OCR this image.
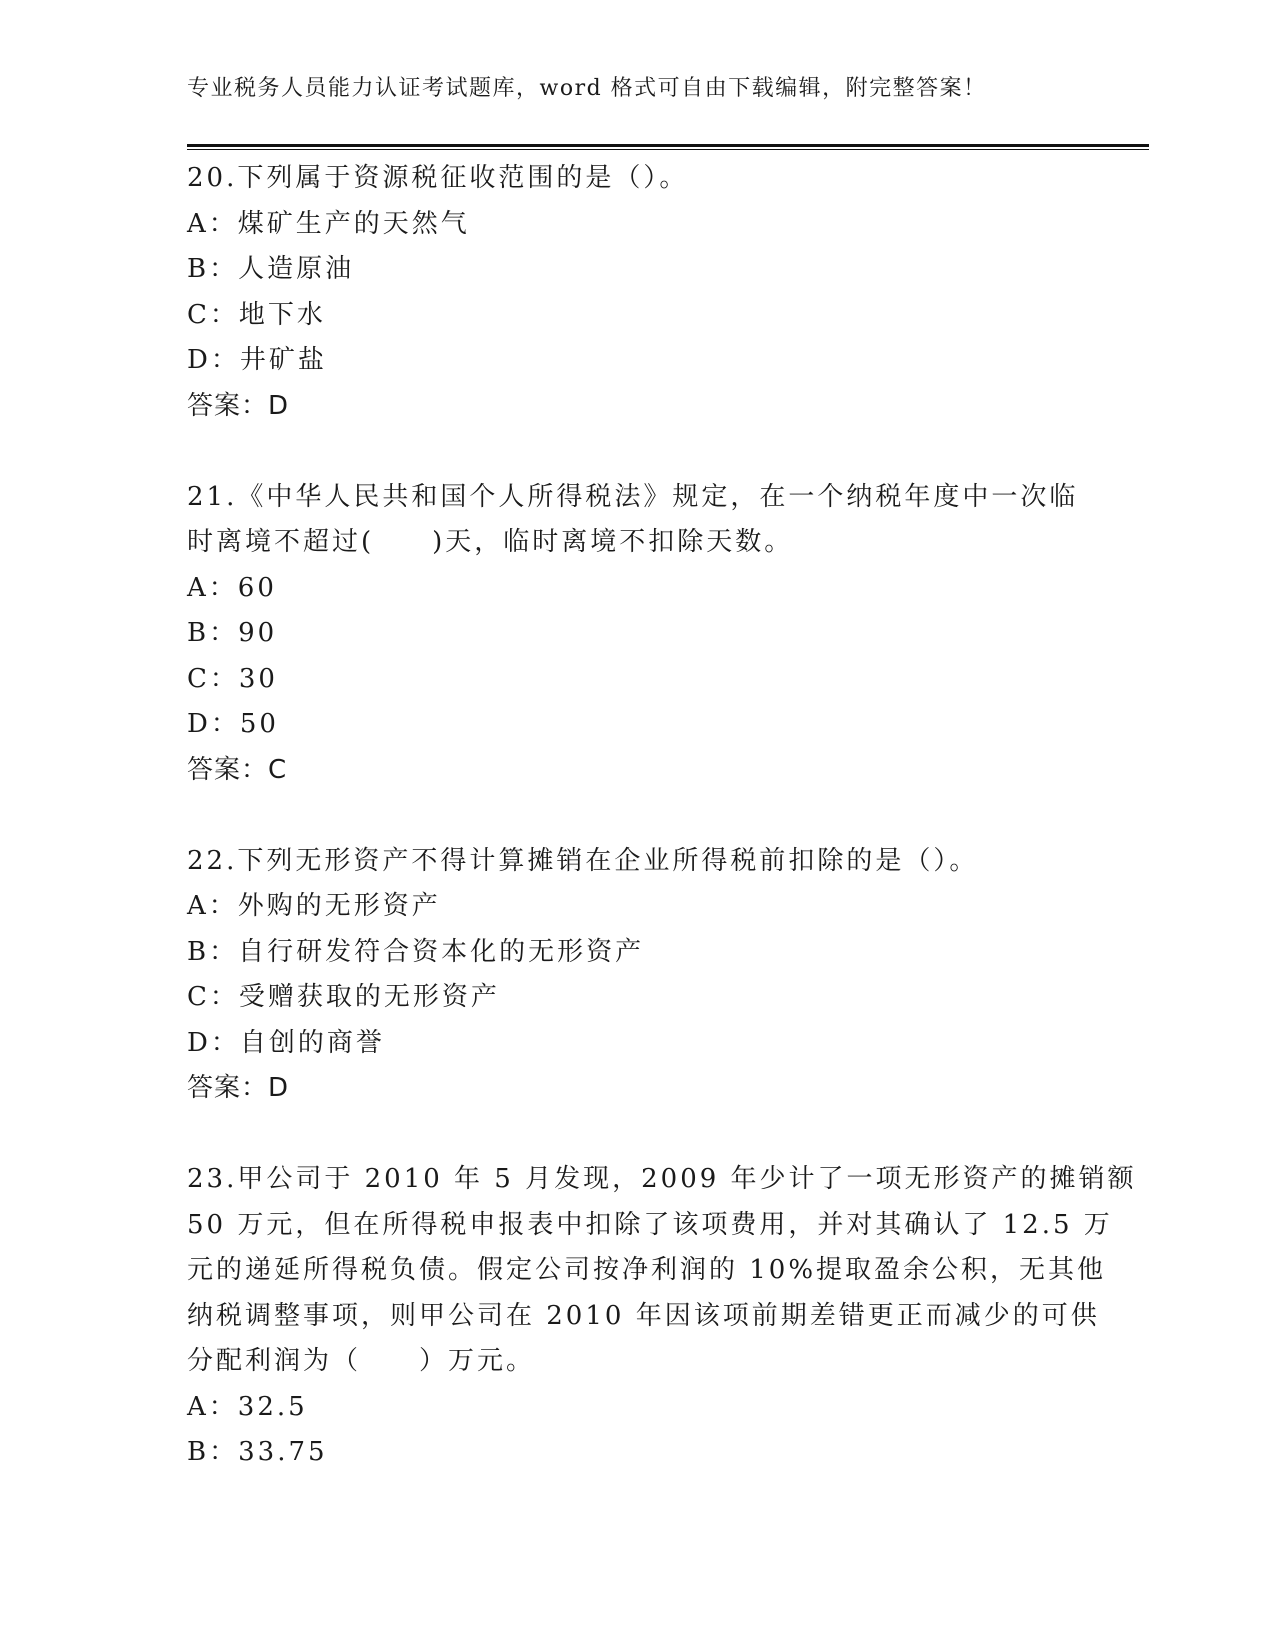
专业税务人员能力认证考试题库，word 格式可自由下载编辑，附完整答案！
20.下列属于资源税征收范围的是（）。
A：煤矿生产的天然气
B：人造原油
C：地下水
D：井矿盐
答案：D
21.《中华人民共和国个人所得税法》规定，在一个纳税年度中一次临
时离境不超过(　　)天，临时离境不扣除天数。
A：60
B：90
C：30
D：50
答案：C
22.下列无形资产不得计算摊销在企业所得税前扣除的是（）。
A：外购的无形资产
B：自行研发符合资本化的无形资产
C：受赠获取的无形资产
D：自创的商誉
答案：D
23.甲公司于 2010 年 5 月发现，2009 年少计了一项无形资产的摊销额
50 万元，但在所得税申报表中扣除了该项费用，并对其确认了 12.5 万
元的递延所得税负债。假定公司按净利润的 10%提取盈余公积，无其他
纳税调整事项，则甲公司在 2010 年因该项前期差错更正而减少的可供
分配利润为（　　）万元。
A：32.5
B：33.75
